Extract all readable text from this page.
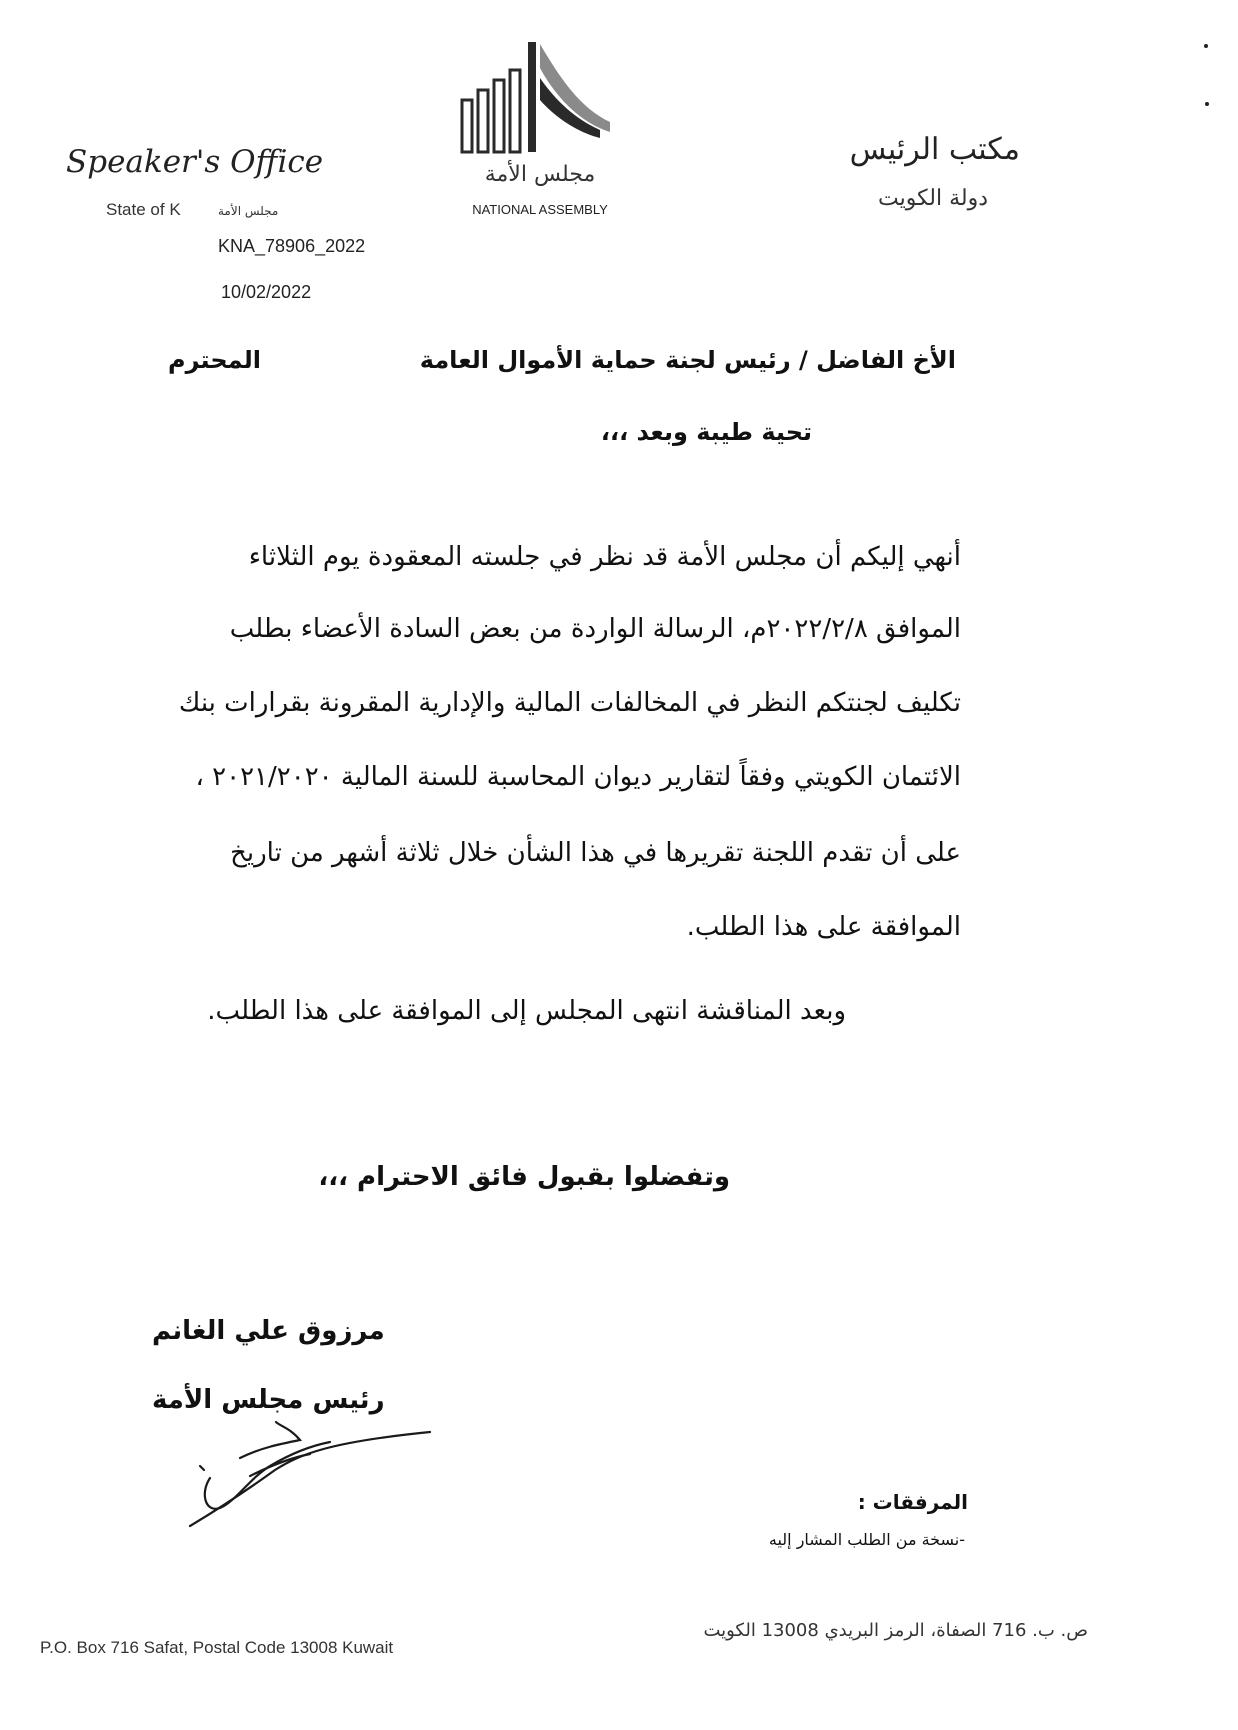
Speaker's Office
State of K	مجلس الأمة
KNA_78906_2022
10/02/2022
مجلس الأمة
NATIONAL ASSEMBLY
مكتب الرئيس
دولة الكويت
الأخ الفاضل / رئيس لجنة حماية الأموال العامة
المحترم
تحية طيبة وبعد ،،،
أنهي إليكم أن مجلس الأمة قد نظر في جلسته المعقودة يوم الثلاثاء
الموافق ٢٠٢٢/٢/٨م، الرسالة الواردة من بعض السادة الأعضاء بطلب
تكليف لجنتكم النظر في المخالفات المالية والإدارية المقرونة بقرارات بنك
الائتمان الكويتي وفقاً لتقارير ديوان المحاسبة للسنة المالية ٢٠٢١/٢٠٢٠ ،
على أن تقدم اللجنة تقريرها في هذا الشأن خلال ثلاثة أشهر من تاريخ
الموافقة على هذا الطلب.
وبعد المناقشة انتهى المجلس إلى الموافقة على هذا الطلب.
وتفضلوا بقبول فائق الاحترام ،،،
مرزوق علي الغانم
رئيس مجلس الأمة
المرفقات :
-نسخة من الطلب المشار إليه
P.O. Box 716 Safat, Postal Code 13008 Kuwait
ص. ب. 716 الصفاة، الرمز البريدي 13008 الكويت
